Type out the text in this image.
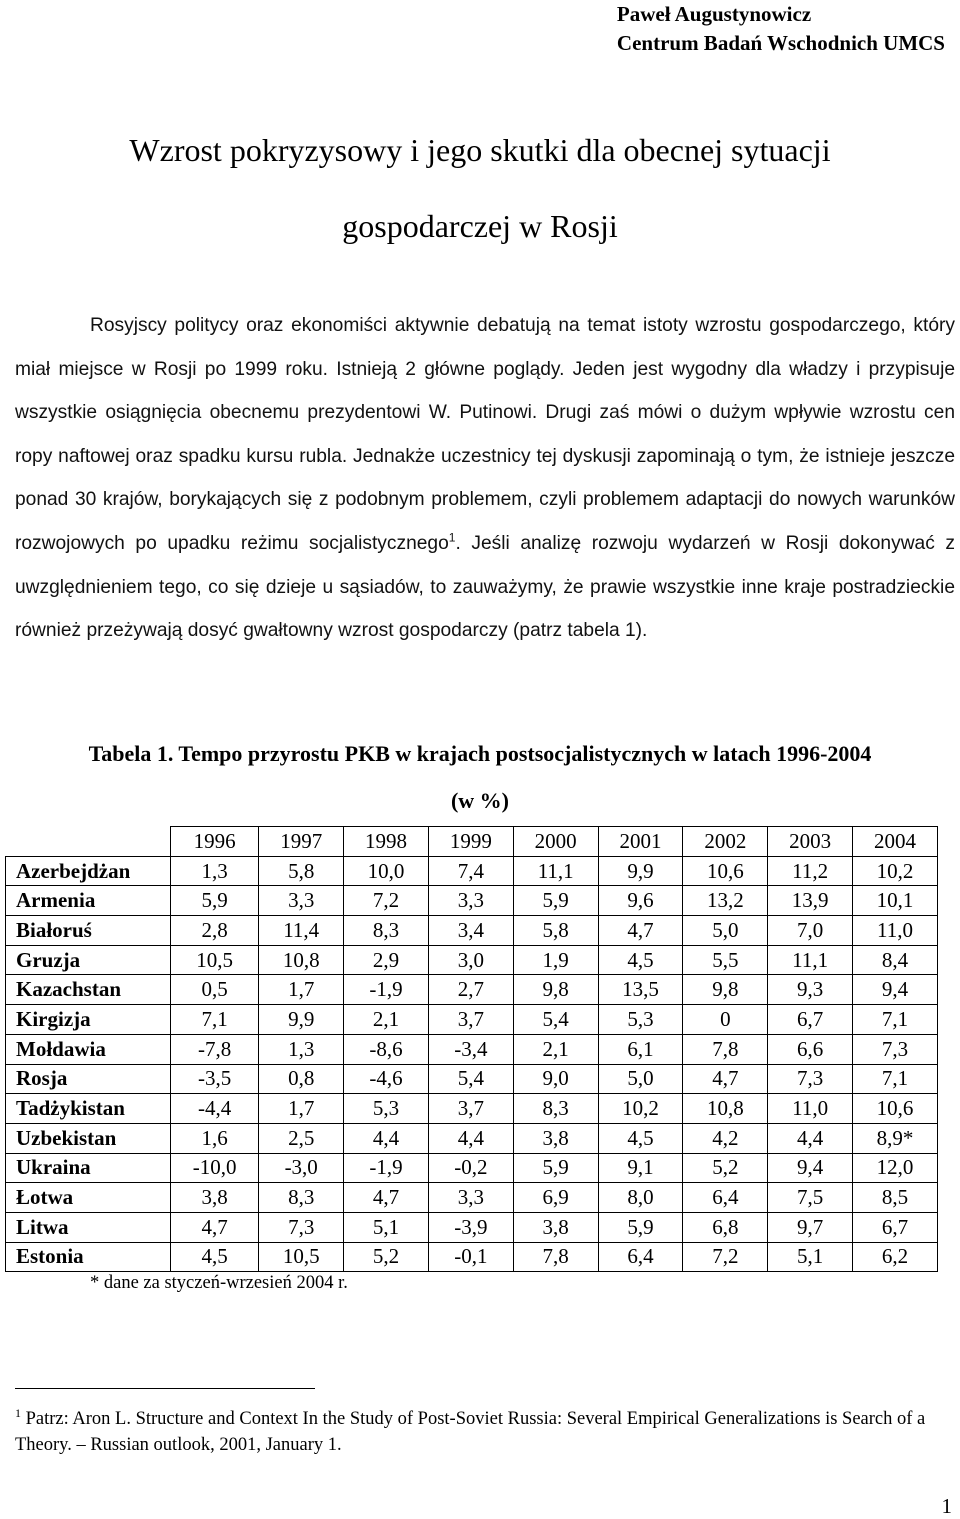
Paweł Augustynowicz
Centrum Badań Wschodnich UMCS
Wzrost pokryzysowy i jego skutki dla obecnej sytuacji
gospodarczej w Rosji

Rosyjscy politycy oraz ekonomiści aktywnie debatują na temat istoty wzrostu gospodarczego, który miał miejsce w Rosji po 1999 roku. Istnieją 2 główne poglądy. Jeden jest wygodny dla władzy i przypisuje wszystkie osiągnięcia obecnemu prezydentowi W. Putinowi. Drugi zaś mówi o dużym wpływie wzrostu cen ropy naftowej oraz spadku kursu rubla. Jednakże uczestnicy tej dyskusji zapominają o tym, że istnieje jeszcze ponad 30 krajów, borykających się z podobnym problemem, czyli problemem adaptacji do nowych warunków rozwojowych po upadku reżimu socjalistycznego$^1$. Jeśli analizę rozwoju wydarzeń w Rosji dokonywać z uwzględnieniem tego, co się dzieje u sąsiadów, to zauważymy, że prawie wszystkie inne kraje postradzieckie również przeżywają dosyć gwałtowny wzrost gospodarczy (patrz tabela 1).

Tabela 1. Tempo przyrostu PKB w krajach postsocjalistycznych w latach 1996-2004
(w %)
	1996	1997	1998	1999	2000	2001	2002	2003	2004
Azerbejdżan	1,3	5,8	10,0	7,4	11,1	9,9	10,6	11,2	10,2
Armenia	5,9	3,3	7,2	3,3	5,9	9,6	13,2	13,9	10,1
Białoruś	2,8	11,4	8,3	3,4	5,8	4,7	5,0	7,0	11,0
Gruzja	10,5	10,8	2,9	3,0	1,9	4,5	5,5	11,1	8,4
Kazachstan	0,5	1,7	-1,9	2,7	9,8	13,5	9,8	9,3	9,4
Kirgizja	7,1	9,9	2,1	3,7	5,4	5,3	0	6,7	7,1
Mołdawia	-7,8	1,3	-8,6	-3,4	2,1	6,1	7,8	6,6	7,3
Rosja	-3,5	0,8	-4,6	5,4	9,0	5,0	4,7	7,3	7,1
Tadżykistan	-4,4	1,7	5,3	3,7	8,3	10,2	10,8	11,0	10,6
Uzbekistan	1,6	2,5	4,4	4,4	3,8	4,5	4,2	4,4	8,9*
Ukraina	-10,0	-3,0	-1,9	-0,2	5,9	9,1	5,2	9,4	12,0
Łotwa	3,8	8,3	4,7	3,3	6,9	8,0	6,4	7,5	8,5
Litwa	4,7	7,3	5,1	-3,9	3,8	5,9	6,8	9,7	6,7
Estonia	4,5	10,5	5,2	-0,1	7,8	6,4	7,2	5,1	6,2
* dane za styczeń-wrzesień 2004 r.
$^1$ Patrz: Aron L. Structure and Context In the Study of Post-Soviet Russia: Several Empirical Generalizations is Search of a Theory. – Russian outlook, 2001, January 1.
1
